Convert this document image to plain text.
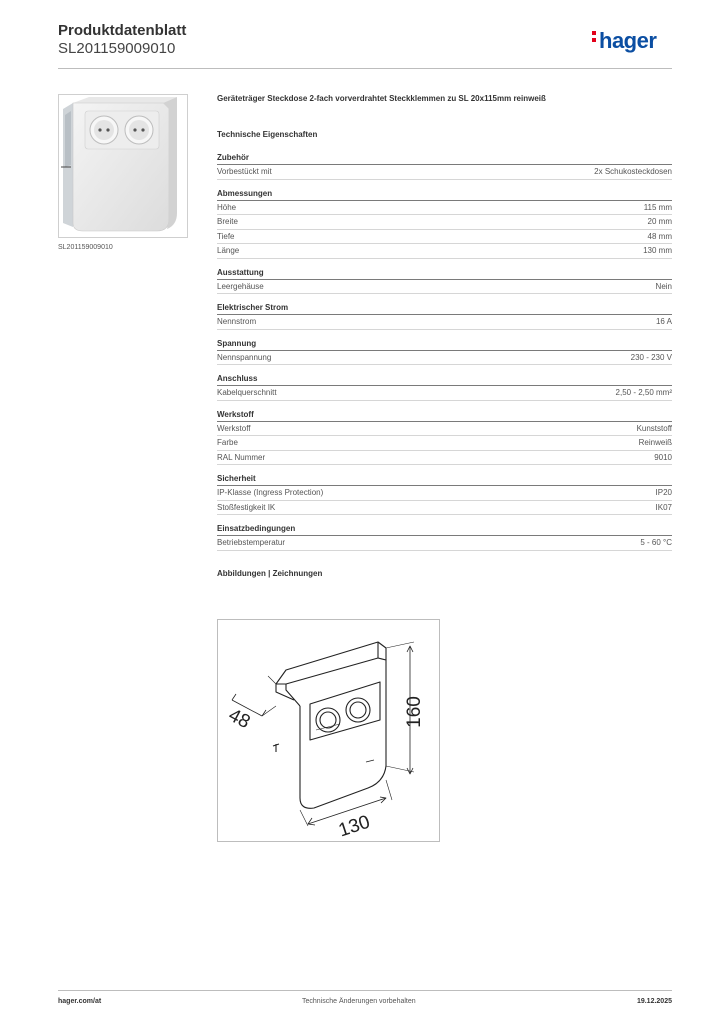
Produktdatenblatt
SL201159009010	hager
SL201159009010
Geräteträger Steckdose 2-fach vorverdrahtet Steckklemmen zu SL 20x115mm reinweiß
Technische Eigenschaften
Zubehör
Vorbestückt mit	2x Schukosteckdosen
Abmessungen
Höhe	115 mm
Breite	20 mm
Tiefe	48 mm
Länge	130 mm
Ausstattung
Leergehäuse	Nein
Elektrischer Strom
Nennstrom	16 A
Spannung
Nennspannung	230 - 230 V
Anschluss
Kabelquerschnitt	2,50 - 2,50 mm²
Werkstoff
Werkstoff	Kunststoff
Farbe	Reinweiß
RAL Nummer	9010
Sicherheit
IP-Klasse (Ingress Protection)	IP20
Stoßfestigkeit IK	IK07
Einsatzbedingungen
Betriebstemperatur	5 - 60 °C
Abbildungen | Zeichnungen
48	160
130
hager.com/at	Technische Änderungen vorbehalten	19.12.2025
